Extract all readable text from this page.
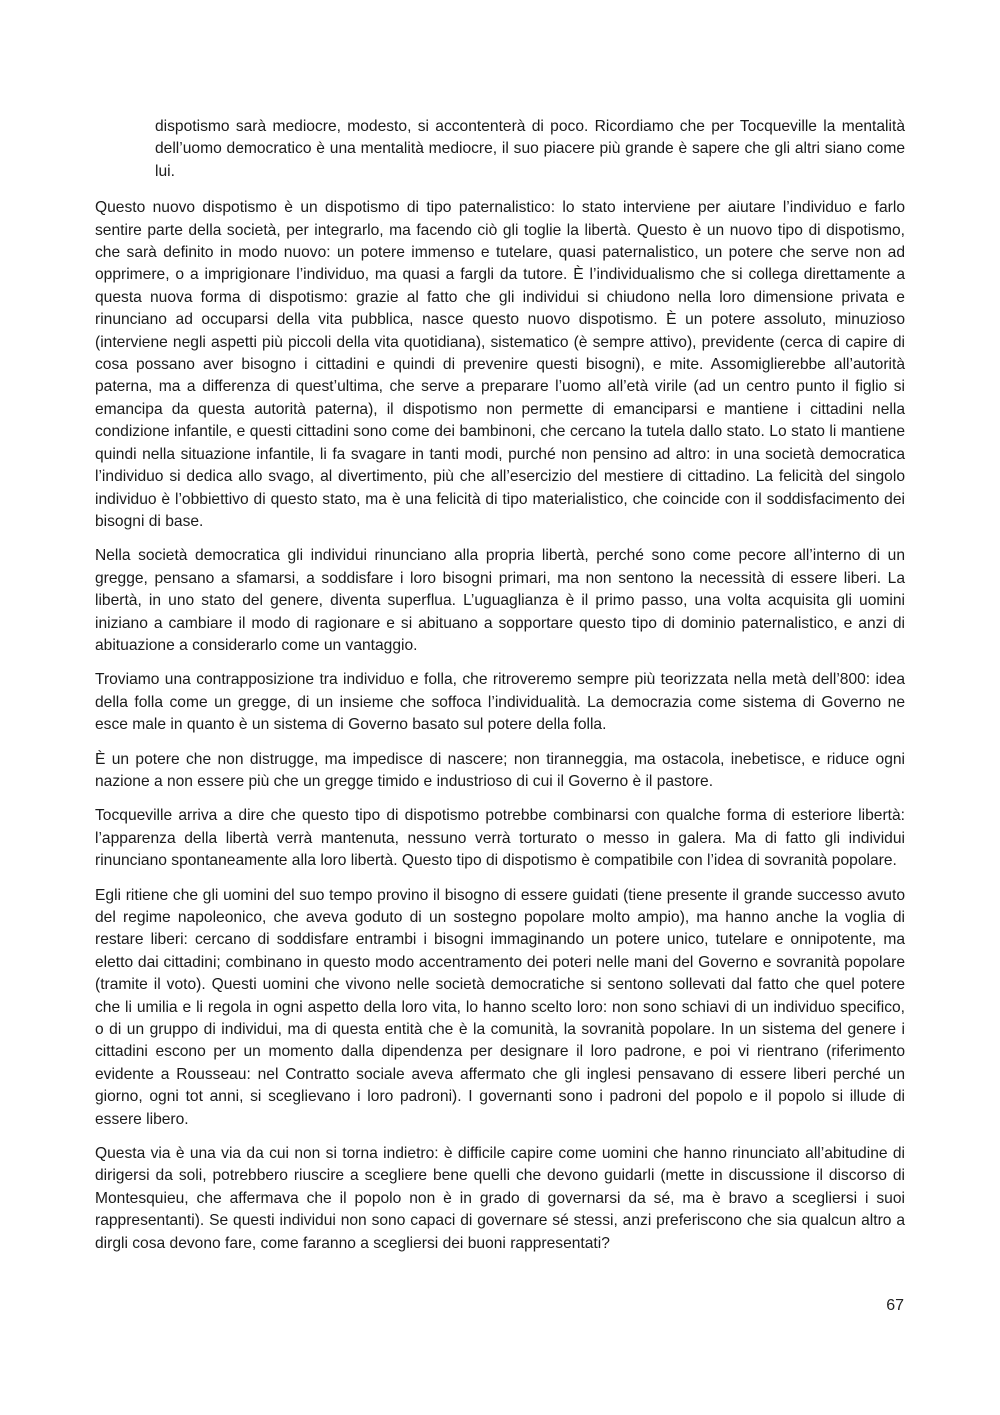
dispotismo sarà mediocre, modesto, si accontenterà di poco. Ricordiamo che per Tocqueville la mentalità dell’uomo democratico è una mentalità mediocre, il suo piacere più grande è sapere che gli altri siano come lui.

Questo nuovo dispotismo è un dispotismo di tipo paternalistico: lo stato interviene per aiutare l’individuo e farlo sentire parte della società, per integrarlo, ma facendo ciò gli toglie la libertà. Questo è un nuovo tipo di dispotismo, che sarà definito in modo nuovo: un potere immenso e tutelare, quasi paternalistico, un potere che serve non ad opprimere, o a imprigionare l’individuo, ma quasi a fargli da tutore. È l’individualismo che si collega direttamente a questa nuova forma di dispotismo: grazie al fatto che gli individui si chiudono nella loro dimensione privata e rinunciano ad occuparsi della vita pubblica, nasce questo nuovo dispotismo. È un potere assoluto, minuzioso (interviene negli aspetti più piccoli della vita quotidiana), sistematico (è sempre attivo), previdente (cerca di capire di cosa possano aver bisogno i cittadini e quindi di prevenire questi bisogni), e mite. Assomiglierebbe all’autorità paterna, ma a differenza di quest’ultima, che serve a preparare l’uomo all’età virile (ad un centro punto il figlio si emancipa da questa autorità paterna), il dispotismo non permette di emanciparsi e mantiene i cittadini nella condizione infantile, e questi cittadini sono come dei bambinoni, che cercano la tutela dallo stato. Lo stato li mantiene quindi nella situazione infantile, li fa svagare in tanti modi, purché non pensino ad altro: in una società democratica l’individuo si dedica allo svago, al divertimento, più che all’esercizio del mestiere di cittadino. La felicità del singolo individuo è l’obbiettivo di questo stato, ma è una felicità di tipo materialistico, che coincide con il soddisfacimento dei bisogni di base.

Nella società democratica gli individui rinunciano alla propria libertà, perché sono come pecore all’interno di un gregge, pensano a sfamarsi, a soddisfare i loro bisogni primari, ma non sentono la necessità di essere liberi. La libertà, in uno stato del genere, diventa superflua. L’uguaglianza è il primo passo, una volta acquisita gli uomini iniziano a cambiare il modo di ragionare e si abituano a sopportare questo tipo di dominio paternalistico, e anzi di abituazione a considerarlo come un vantaggio.

Troviamo una contrapposizione tra individuo e folla, che ritroveremo sempre più teorizzata nella metà dell’800: idea della folla come un gregge, di un insieme che soffoca l’individualità. La democrazia come sistema di Governo ne esce male in quanto è un sistema di Governo basato sul potere della folla.

È un potere che non distrugge, ma impedisce di nascere; non tiranneggia, ma ostacola, inebetisce, e riduce ogni nazione a non essere più che un gregge timido e industrioso di cui il Governo è il pastore.

Tocqueville arriva a dire che questo tipo di dispotismo potrebbe combinarsi con qualche forma di esteriore libertà: l’apparenza della libertà verrà mantenuta, nessuno verrà torturato o messo in galera. Ma di fatto gli individui rinunciano spontaneamente alla loro libertà. Questo tipo di dispotismo è compatibile con l’idea di sovranità popolare.

Egli ritiene che gli uomini del suo tempo provino il bisogno di essere guidati (tiene presente il grande successo avuto del regime napoleonico, che aveva goduto di un sostegno popolare molto ampio), ma hanno anche la voglia di restare liberi: cercano di soddisfare entrambi i bisogni immaginando un potere unico, tutelare e onnipotente, ma eletto dai cittadini; combinano in questo modo accentramento dei poteri nelle mani del Governo e sovranità popolare (tramite il voto). Questi uomini che vivono nelle società democratiche si sentono sollevati dal fatto che quel potere che li umilia e li regola in ogni aspetto della loro vita, lo hanno scelto loro: non sono schiavi di un individuo specifico, o di un gruppo di individui, ma di questa entità che è la comunità, la sovranità popolare. In un sistema del genere i cittadini escono per un momento dalla dipendenza per designare il loro padrone, e poi vi rientrano (riferimento evidente a Rousseau: nel Contratto sociale aveva affermato che gli inglesi pensavano di essere liberi perché un giorno, ogni tot anni, si sceglievano i loro padroni). I governanti sono i padroni del popolo e il popolo si illude di essere libero.

Questa via è una via da cui non si torna indietro: è difficile capire come uomini che hanno rinunciato all’abitudine di dirigersi da soli, potrebbero riuscire a scegliere bene quelli che devono guidarli (mette in discussione il discorso di Montesquieu, che affermava che il popolo non è in grado di governarsi da sé, ma è bravo a scegliersi i suoi rappresentanti). Se questi individui non sono capaci di governare sé stessi, anzi preferiscono che sia qualcun altro a dirgli cosa devono fare, come faranno a scegliersi dei buoni rappresentati?

67
